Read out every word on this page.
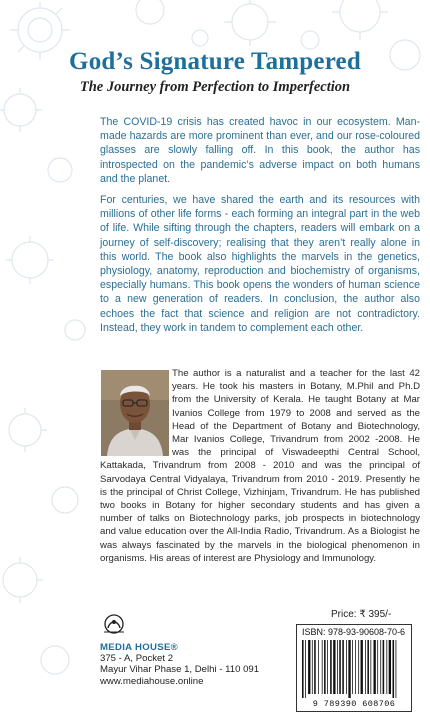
God’s Signature Tampered
The Journey from Perfection to Imperfection

The COVID-19 crisis has created havoc in our ecosystem. Man-made hazards are more prominent than ever, and our rose-coloured glasses are slowly falling off. In this book, the author has introspected on the pandemic’s adverse impact on both humans and the planet.

For centuries, we have shared the earth and its resources with millions of other life forms - each forming an integral part in the web of life. While sifting through the chapters, readers will embark on a journey of self-discovery; realising that they aren’t really alone in this world. The book also highlights the marvels in the genetics, physiology, anatomy, reproduction and biochemistry of organisms, especially humans. This book opens the wonders of human science to a new generation of readers. In conclusion, the author also echoes the fact that science and religion are not contradictory. Instead, they work in tandem to complement each other.

The author is a naturalist and a teacher for the last 42 years. He took his masters in Botany, M.Phil and Ph.D from the University of Kerala. He taught Botany at Mar Ivanios College from 1979 to 2008 and served as the Head of the Department of Botany and Biotechnology, Mar Ivanios College, Trivandrum from 2002 -2008. He was the principal of Viswadeepthi Central School, Kattakada, Trivandrum from 2008 - 2010 and was the principal of Sarvodaya Central Vidyalaya, Trivandrum from 2010 - 2019. Presently he is the principal of Christ College, Vizhinjam, Trivandrum. He has published two books in Botany for higher secondary students and has given a number of talks on Biotechnology parks, job prospects in biotechnology and value education over the All-India Radio, Trivandrum. As a Biologist he was always fascinated by the marvels in the biological phenomenon in organisms. His areas of interest are Physiology and Immunology.

MEDIA HOUSE®
375 - A, Pocket 2
Mayur Vihar Phase 1, Delhi - 110 091
www.mediahouse.online
Price: ₹ 395/-
ISBN: 978-93-90608-70-6
9 789390 608706
